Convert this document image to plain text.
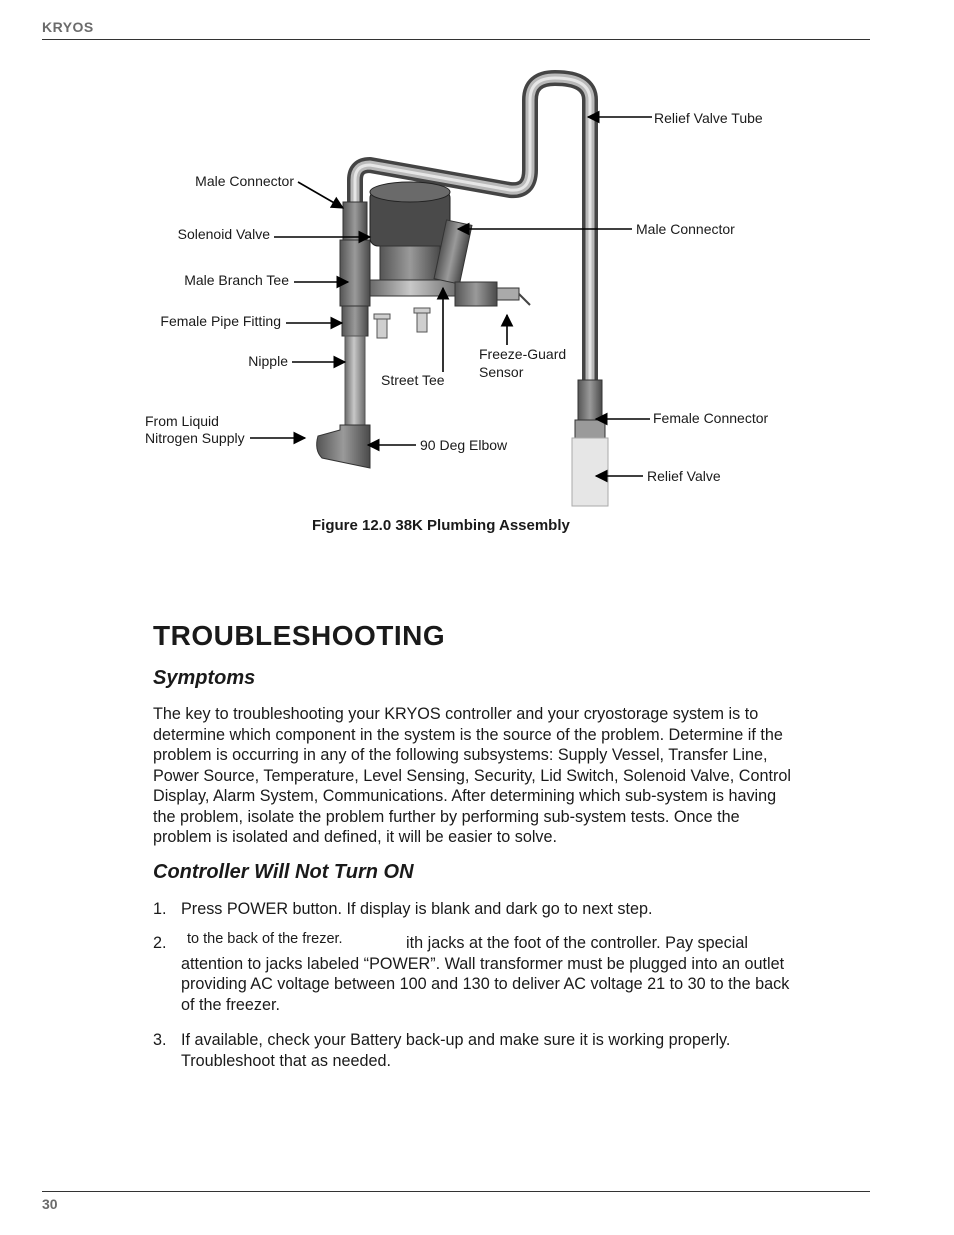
KRYOS
Relief Valve Tube
Male Connector
Solenoid Valve	Male Connector
Male Branch Tee
Female Pipe Fitting
Nipple	Freeze-Guard
Sensor
Street Tee
Female Connector
From Liquid
Nitrogen Supply	90 Deg Elbow
Relief Valve
Figure 12.0 38K Plumbing Assembly
TROUBLESHOOTING
Symptoms
The key to troubleshooting your KRYOS controller and your cryostorage system is to determine which component in the system is the source of the problem. Determine if the problem is occurring in any of the following subsystems: Supply Vessel, Transfer Line, Power Source, Temperature, Level Sensing, Security, Lid Switch, Solenoid Valve, Control Display, Alarm System, Communications. After determining which sub-system is having the problem, isolate the problem further by performing sub-system tests. Once the problem is isolated and defined, it will be easier to solve.
Controller Will Not Turn ON
1. Press POWER button. If display is blank and dark go to next step.
2.	ith jacks at the foot of the controller. Pay special attention to jacks labeled “POWER”. Wall transformer must be plugged into an outlet providing AC voltage between 100 and 130 to deliver AC voltage 21 to 30 to the back of the freezer.
to the back of the frezer.
3. If available, check your Battery back-up and make sure it is working properly. Troubleshoot that as needed.
30
